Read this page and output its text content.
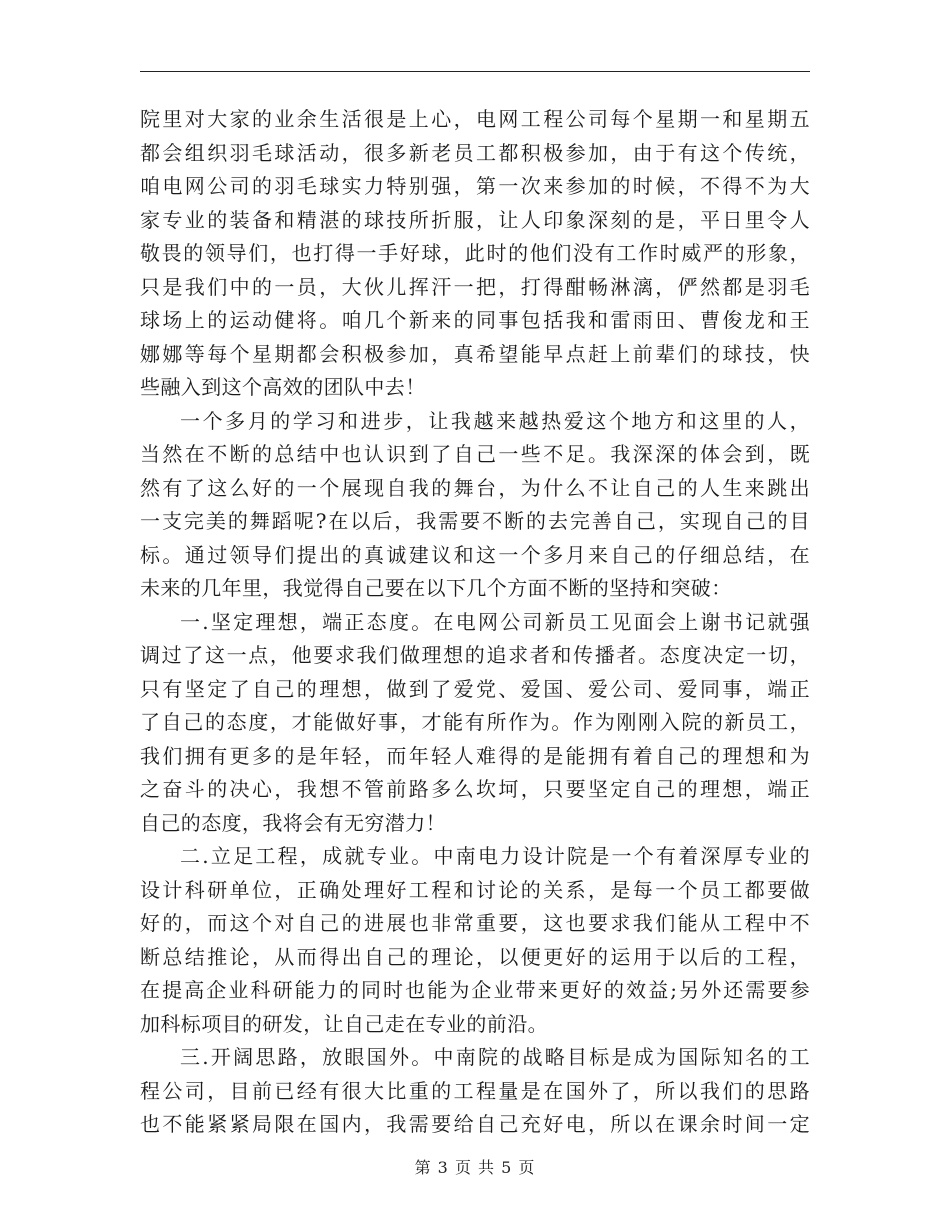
院里对大家的业余生活很是上心，电网工程公司每个星期一和星期五
都会组织羽毛球活动，很多新老员工都积极参加，由于有这个传统，
咱电网公司的羽毛球实力特别强，第一次来参加的时候，不得不为大
家专业的装备和精湛的球技所折服，让人印象深刻的是，平日里令人
敬畏的领导们，也打得一手好球，此时的他们没有工作时威严的形象，
只是我们中的一员，大伙儿挥汗一把，打得酣畅淋漓，俨然都是羽毛
球场上的运动健将。咱几个新来的同事包括我和雷雨田、曹俊龙和王
娜娜等每个星期都会积极参加，真希望能早点赶上前辈们的球技，快
些融入到这个高效的团队中去！
一个多月的学习和进步，让我越来越热爱这个地方和这里的人，
当然在不断的总结中也认识到了自己一些不足。我深深的体会到，既
然有了这么好的一个展现自我的舞台，为什么不让自己的人生来跳出
一支完美的舞蹈呢?在以后，我需要不断的去完善自己，实现自己的目
标。通过领导们提出的真诚建议和这一个多月来自己的仔细总结，在
未来的几年里，我觉得自己要在以下几个方面不断的坚持和突破：
一.坚定理想，端正态度。在电网公司新员工见面会上谢书记就强
调过了这一点，他要求我们做理想的追求者和传播者。态度决定一切，
只有坚定了自己的理想，做到了爱党、爱国、爱公司、爱同事，端正
了自己的态度，才能做好事，才能有所作为。作为刚刚入院的新员工，
我们拥有更多的是年轻，而年轻人难得的是能拥有着自己的理想和为
之奋斗的决心，我想不管前路多么坎坷，只要坚定自己的理想，端正
自己的态度，我将会有无穷潜力！
二.立足工程，成就专业。中南电力设计院是一个有着深厚专业的
设计科研单位，正确处理好工程和讨论的关系，是每一个员工都要做
好的，而这个对自己的进展也非常重要，这也要求我们能从工程中不
断总结推论，从而得出自己的理论，以便更好的运用于以后的工程，
在提高企业科研能力的同时也能为企业带来更好的效益;另外还需要参
加科标项目的研发，让自己走在专业的前沿。
三.开阔思路，放眼国外。中南院的战略目标是成为国际知名的工
程公司，目前已经有很大比重的工程量是在国外了，所以我们的思路
也不能紧紧局限在国内，我需要给自己充好电，所以在课余时间一定
第 3 页 共 5 页
